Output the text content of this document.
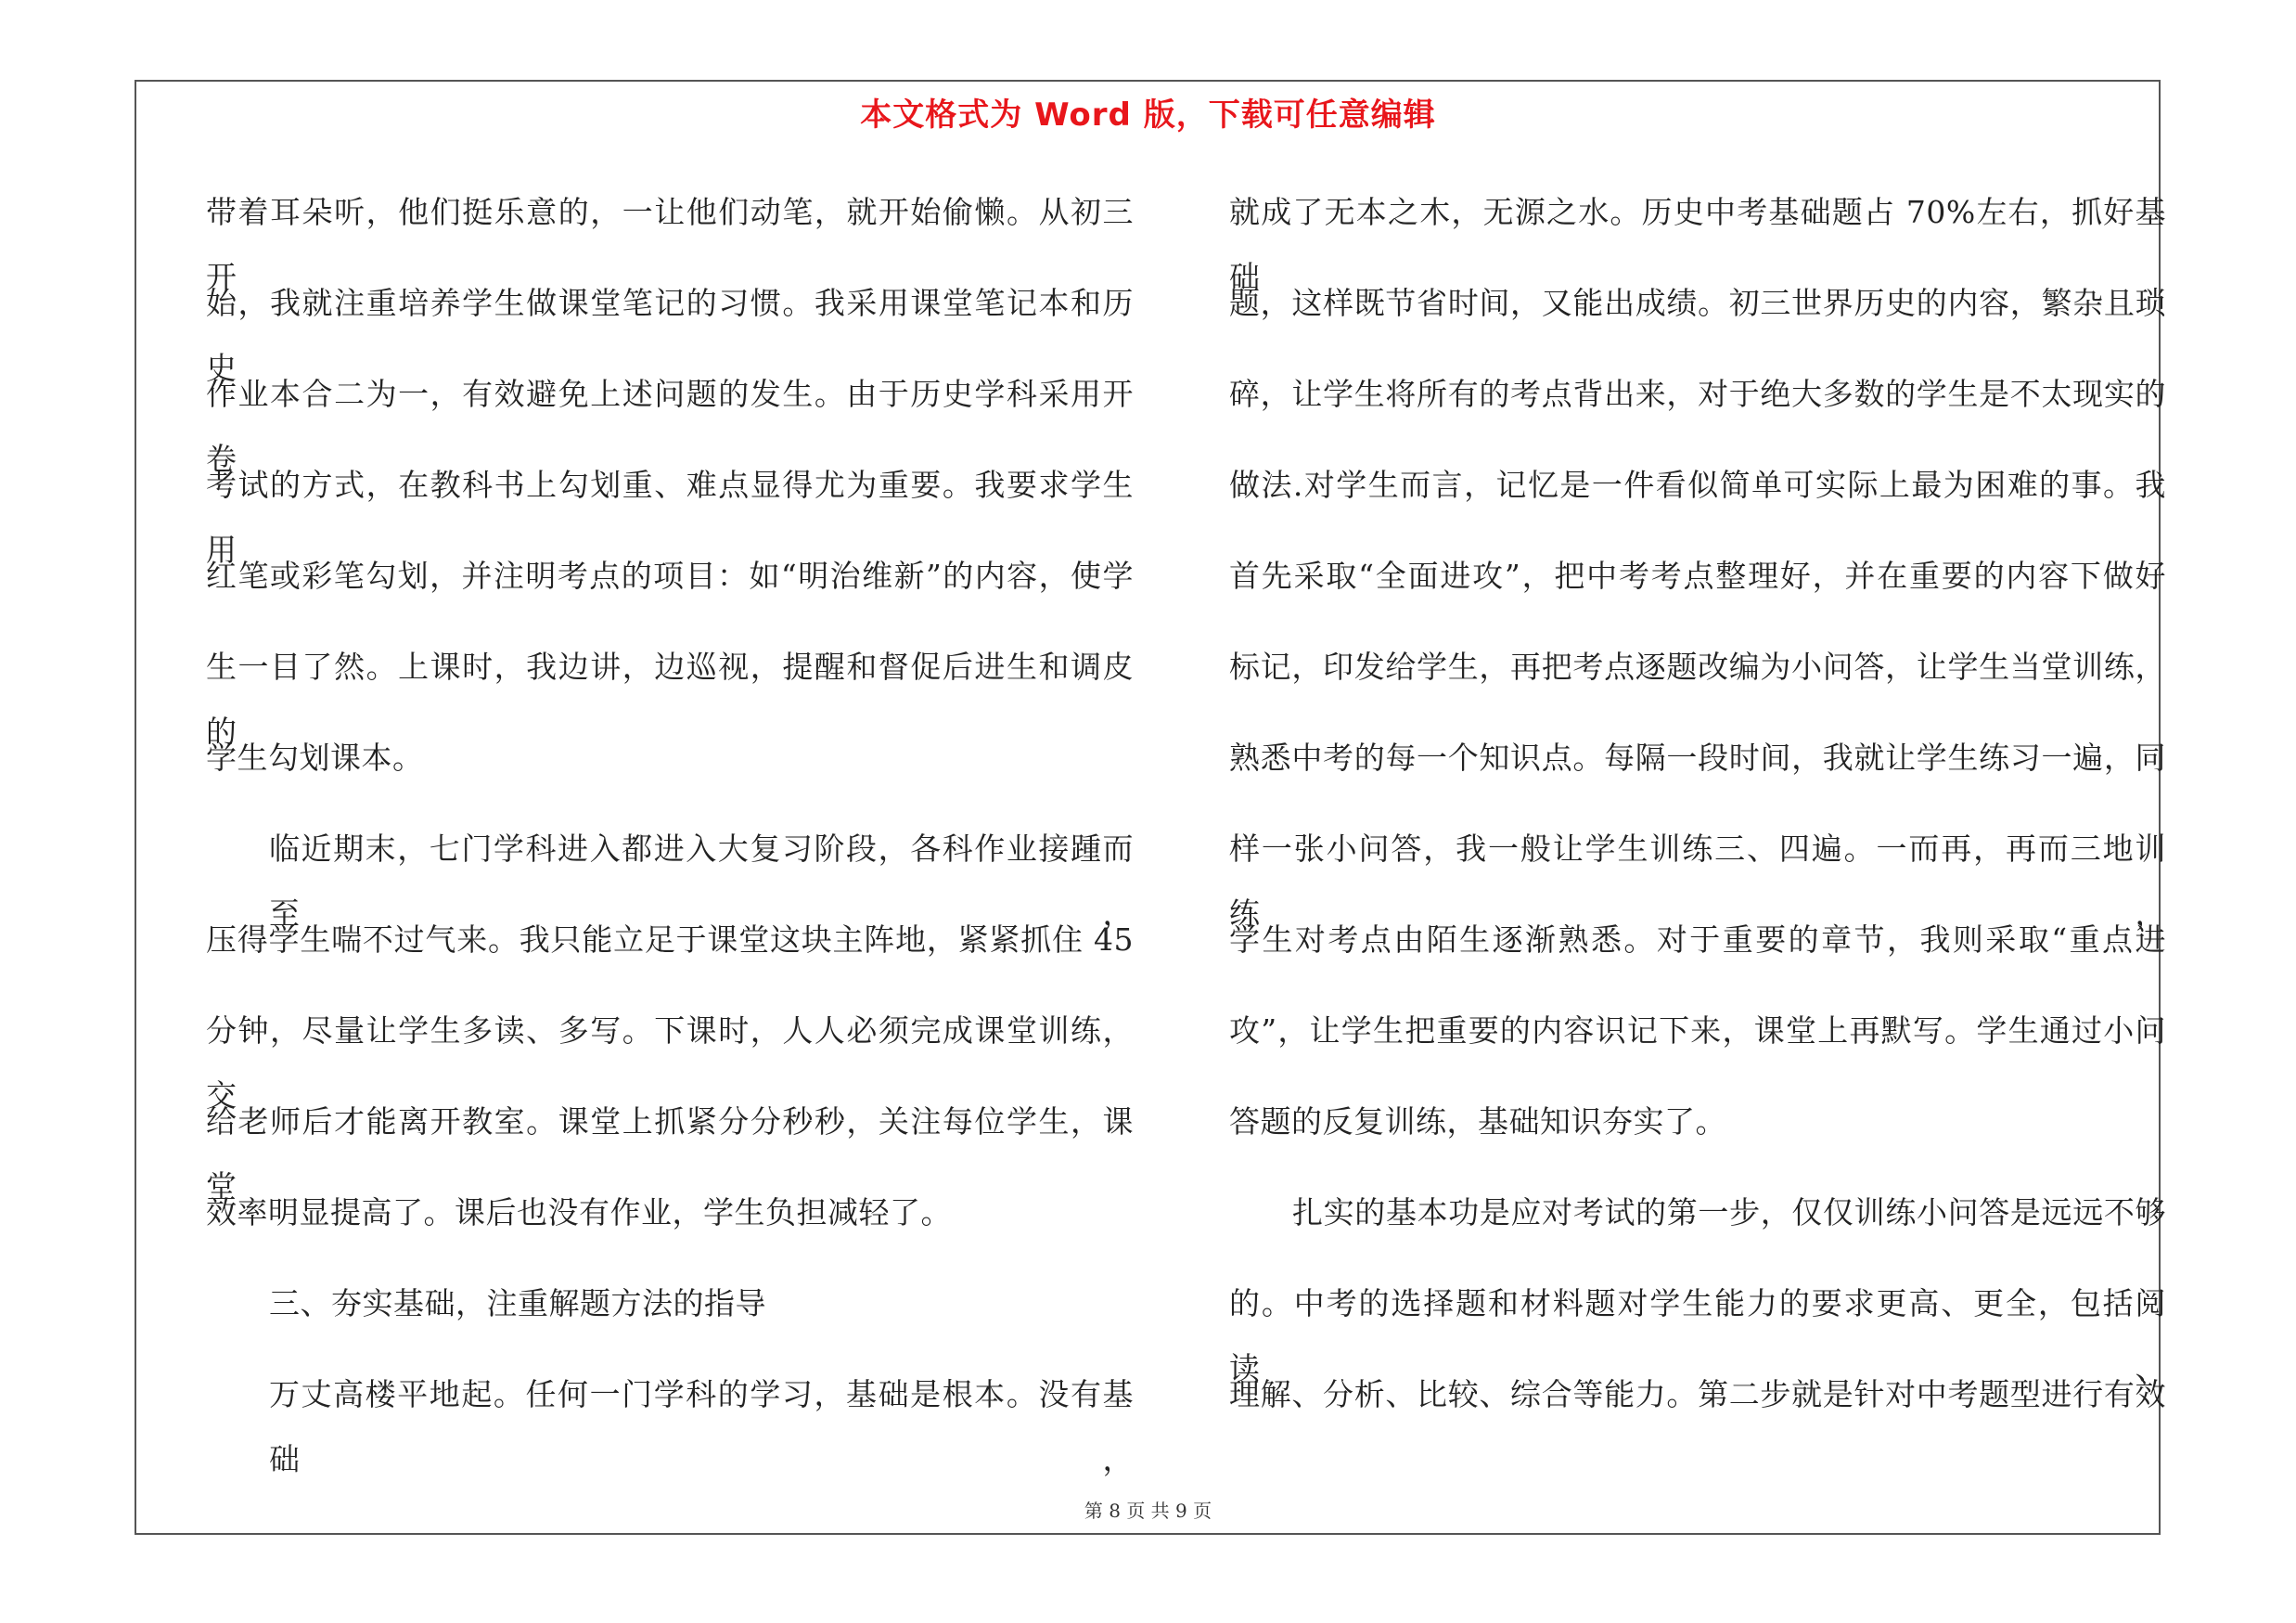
本文格式为 Word 版，下载可任意编辑
带着耳朵听，他们挺乐意的，一让他们动笔，就开始偷懒。从初三开
始，我就注重培养学生做课堂笔记的习惯。我采用课堂笔记本和历史
作业本合二为一，有效避免上述问题的发生。由于历史学科采用开卷
考试的方式，在教科书上勾划重、难点显得尤为重要。我要求学生用
红笔或彩笔勾划，并注明考点的项目：如“明治维新”的内容，使学
生一目了然。上课时，我边讲，边巡视，提醒和督促后进生和调皮的
学生勾划课本。
临近期末，七门学科进入都进入大复习阶段，各科作业接踵而至，
压得学生喘不过气来。我只能立足于课堂这块主阵地，紧紧抓住 45
分钟，尽量让学生多读、多写。下课时，人人必须完成课堂训练，交
给老师后才能离开教室。课堂上抓紧分分秒秒，关注每位学生，课堂
效率明显提高了。课后也没有作业，学生负担减轻了。
三、夯实基础，注重解题方法的指导
万丈高楼平地起。任何一门学科的学习，基础是根本。没有基础，
就成了无本之木，无源之水。历史中考基础题占 70%左右，抓好基础
题，这样既节省时间，又能出成绩。初三世界历史的内容，繁杂且琐
碎，让学生将所有的考点背出来，对于绝大多数的学生是不太现实的
做法.对学生而言，记忆是一件看似简单可实际上最为困难的事。我
首先采取“全面进攻”，把中考考点整理好，并在重要的内容下做好
标记，印发给学生，再把考点逐题改编为小问答，让学生当堂训练，
熟悉中考的每一个知识点。每隔一段时间，我就让学生练习一遍，同
样一张小问答，我一般让学生训练三、四遍。一而再，再而三地训练，
学生对考点由陌生逐渐熟悉。对于重要的章节，我则采取“重点进
攻”，让学生把重要的内容识记下来，课堂上再默写。学生通过小问
答题的反复训练，基础知识夯实了。
扎实的基本功是应对考试的第一步，仅仅训练小问答是远远不够
的。中考的选择题和材料题对学生能力的要求更高、更全，包括阅读、
理解、分析、比较、综合等能力。第二步就是针对中考题型进行有效
第 8 页 共 9 页
